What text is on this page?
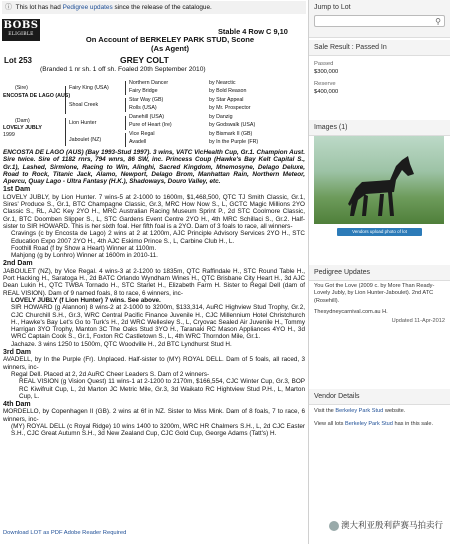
ⓘ This lot has had Pedigree updates since the release of the catalogue.
BOBS
ELIGIBLE	Stable 4 Row C 9,10
On Account of BERKELEY PARK STUD, Scone
(As Agent)
Lot 253	GREY COLT
(Branded 1 nr sh. 1 off sh. Foaled 20th September 2010)
(Sire)
ENCOSTA DE LAGO (AUS)
(Dam)
LOVELY JUBLY
1999
Fairy King (USA)
Shoal Creek
Lion Hunter
Jaboulet (NZ)
Northern Dancer
Fairy Bridge
Star Way (GB)
Rolls (USA)
Danehill (USA)
Pure of Heart (Ire)
Vice Regal
Avadell
by Nearctic
by Bold Reason
by Star Appeal
by Mr. Prospector
by Danzig
by Godswalk (USA)
by Bismark II (GB)
by In the Purple (FR)

ENCOSTA DE LAGO (AUS) (Bay 1993-Stud 1997). 3 wins, VATC VicHealth Cup, Gr.1. Champion Aust. Sire twice. Sire of 1182 rnrs, 794 wnrs, 86 SW, inc. Princess Coup (Hawke's Bay Kelt Capital S., Gr.1), Lashed, Sirmione, Racing to Win, Alinghi, Sacred Kingdom, Mnemosyne, Delago Deluxe, Road to Rock, Titanic Jack, Alamo, Newport, Delago Brom, Manhattan Rain, Northern Meteor, Apercu, Quay Lago - Ultra Fantasy (H.K.), Shadoways, Douro Valley, etc.

1st Dam

LOVELY JUBLY, by Lion Hunter. 7 wins-5 at 2-1000 to 1600m, $1,468,500, QTC TJ Smith Classic, Gr.1, Sires' Produce S., Gr.1, BTC Champagne Classic, Gr.3, MRC How Now S., L, GCTC Magic Millions 2YO Classic S., RL, AJC Key 2YO H., MRC Australian Racing Museum Sprint P., 2d STC Coolmore Classic, Gr.1, BTC Doomben Slipper S., L, STC Gardens Event Centre 2YO H., 4th MRC Schillaci S., Gr.2. Half-sister to SIR HOWARD. This is her sixth foal. Her fifth foal is a 2YO. Dam of 3 foals to race, all winners-

Cravings (c by Encosta de Lago) 2 wins at 2 at 1200m, AJC Principle Advisory Services 2YO H., STC Education Expo 2007 2YO H., 4th AJC Eskimo Prince S., L, Carbine Club H., L.

Foothill Road (f by Show a Heart) Winner at 1100m.

Mahjong (g by Lonhro) Winner at 1600m in 2010-11.

2nd Dam

JABOULET (NZ), by Vice Regal. 4 wins-3 at 2-1200 to 1835m, QTC Raffindale H., STC Round Table H., Port Hacking H., Saratoga H., 2d BATC Orlando Wyndham Wines H., QTC Brisbane City Heart H., 3d AJC Dean Lukin H., QTC TWBA Tornado H., STC Starlet H., Elizabeth Farm H. Sister to Regal Dell (dam of REAL VISION). Dam of 9 named foals, 8 to race, 6 winners, inc-

LOVELY JUBLY (f Lion Hunter) 7 wins. See above.

SIR HOWARD (g Alannon) 8 wins-2 at 2-1000 to 3200m, $133,314, AuRC Highview Stud Trophy, Gr.2, CJC Churchill S.H., Gr.3, WRC Central Pacific Finance Juvenile H., CJC Millennium Hotel Christchurch H., Hawke's Bay Let's Go to Turk's H., 2d WRC Wellesley S., L, Cryovac Sealed Air Juvenile H., Tommy Harrigan 3YO Trophy, Manton 3C The Oaks Stud 3YO H., Taranaki RC Mason Appliances 4YO H., 3d WRC Captain Cook S., Gr.1, Foxton RC Castletown S., L, 4th WRC Thorndon Mile, Gr.1.

Jachaze. 3 wins 1250 to 1500m, QTC Woodville H., 2d BTC Lyndhurst Stud H.

3rd Dam

AVADELL, by In the Purple (Fr). Unplaced. Half-sister to (MY) ROYAL DELL. Dam of 5 foals, all raced, 3 winners, inc-

Regal Dell. Placed at 2, 2d AuRC Cheer Leaders S. Dam of 2 winners-

REAL VISION (g Vision Quest) 11 wins-1 at 2-1200 to 2170m, $166,554, CJC Winter Cup, Gr.3, BOP RC Kiwifruit Cup, L, 2d Marton JC Metric Mile, Gr.3, 3d Waikato RC Hightview Stud P.H., L, Marton Cup, L.

4th Dam

MORDELLO, by Copenhagen II (GB). 2 wins at 6f in NZ. Sister to Miss Mink. Dam of 8 foals, 7 to race, 6 winners, inc-

(MY) ROYAL DELL (c Royal Ridge) 10 wins 1400 to 3200m, WRC HR Chalmers S.H., L, 2d CJC Easter S.H., CJC Great Autumn S.H., 3d New Zealand Cup, CJC Gold Cup, George Adams (Tatt's) H.

Download LOT as PDF Adobe Reader Required
Jump to Lot
⚲
Sale Result : Passed In
Passed
$300,000
Reserve
$400,000
Images (1)
Vendors upload photo of lot
Pedigree Updates
You Got the Love (2009 c. by More Than Ready-Lovely Jubly, by Lion Hunter-Jaboulet). 2nd ATC (Rosehill).
Thesydneycarnival.com.au H.
Updated 11-Apr-2012
Vendor Details
Visit the Berkeley Park Stud website.
View all lots Berkeley Park Stud has in this sale.
澳大利亚殷利萨赛马拍卖行
